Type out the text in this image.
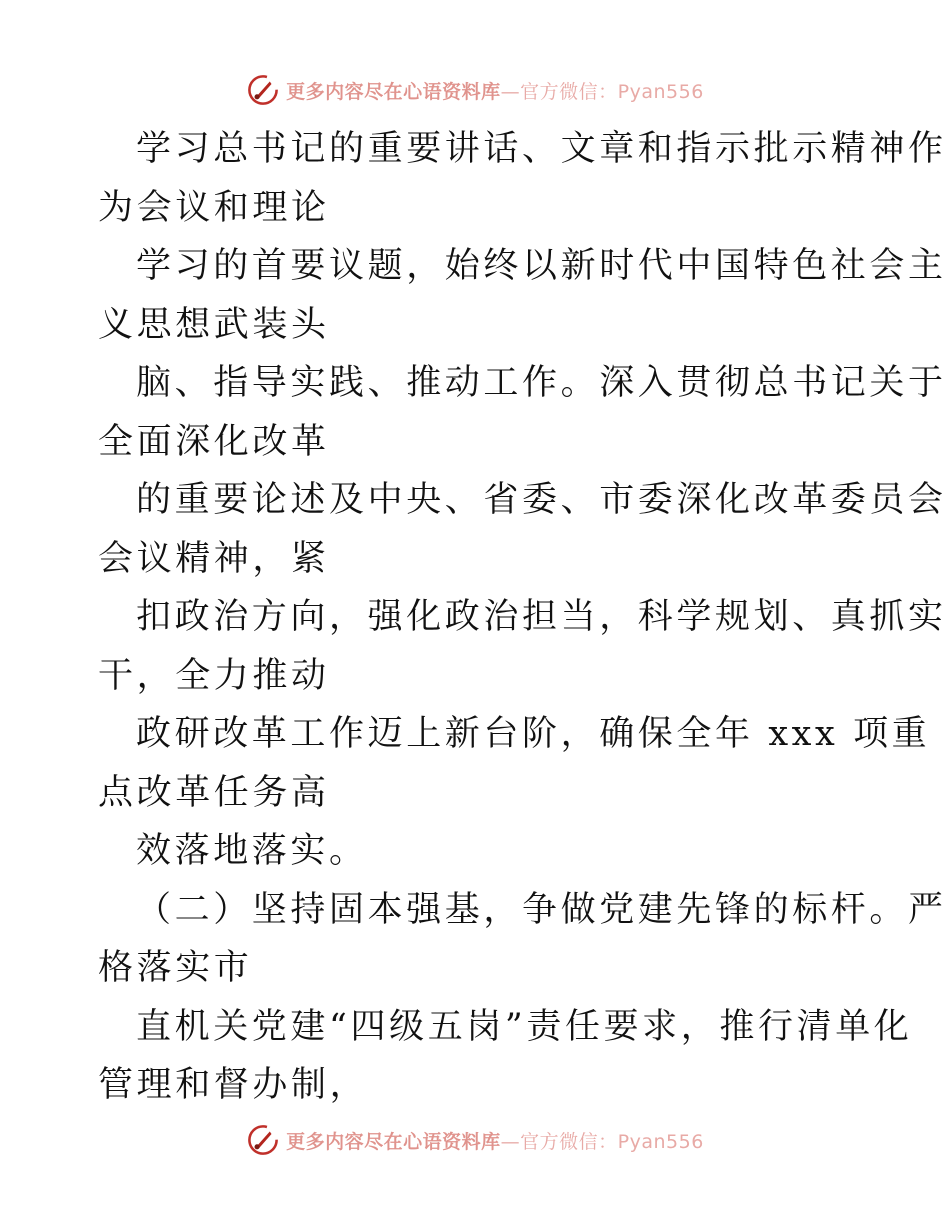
更多内容尽在心语资料库—官方微信：Pyan556
学习总书记的重要讲话、文章和指示批示精神作
为会议和理论
学习的首要议题，始终以新时代中国特色社会主
义思想武装头
脑、指导实践、推动工作。深入贯彻总书记关于
全面深化改革
的重要论述及中央、省委、市委深化改革委员会
会议精神，紧
扣政治方向，强化政治担当，科学规划、真抓实
干，全力推动
政研改革工作迈上新台阶，确保全年 xxx 项重
点改革任务高
效落地落实。
（二）坚持固本强基，争做党建先锋的标杆。严
格落实市
直机关党建“四级五岗”责任要求，推行清单化
管理和督办制，
更多内容尽在心语资料库—官方微信：Pyan556
